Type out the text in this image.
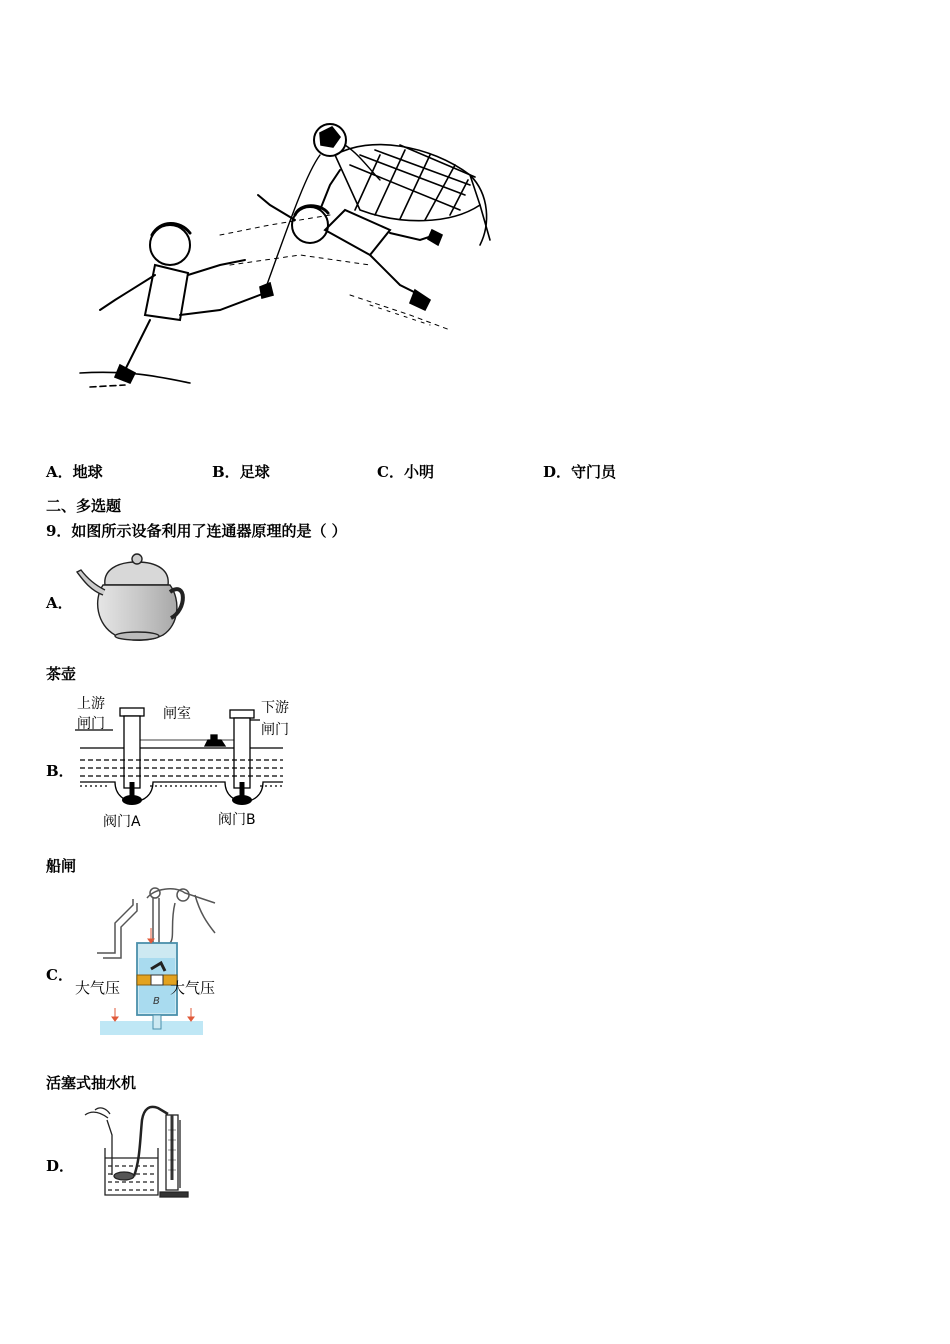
A．地球	B．足球	C．小明	D．守门员
二、多选题
9．如图所示设备利用了连通器原理的是（ ）
A．
茶壶
B．
上游
闸门
闸室	下游
闸门
阀门A	阀门B
船闸
C．
大气压	大气压
B
活塞式抽水机
D．
